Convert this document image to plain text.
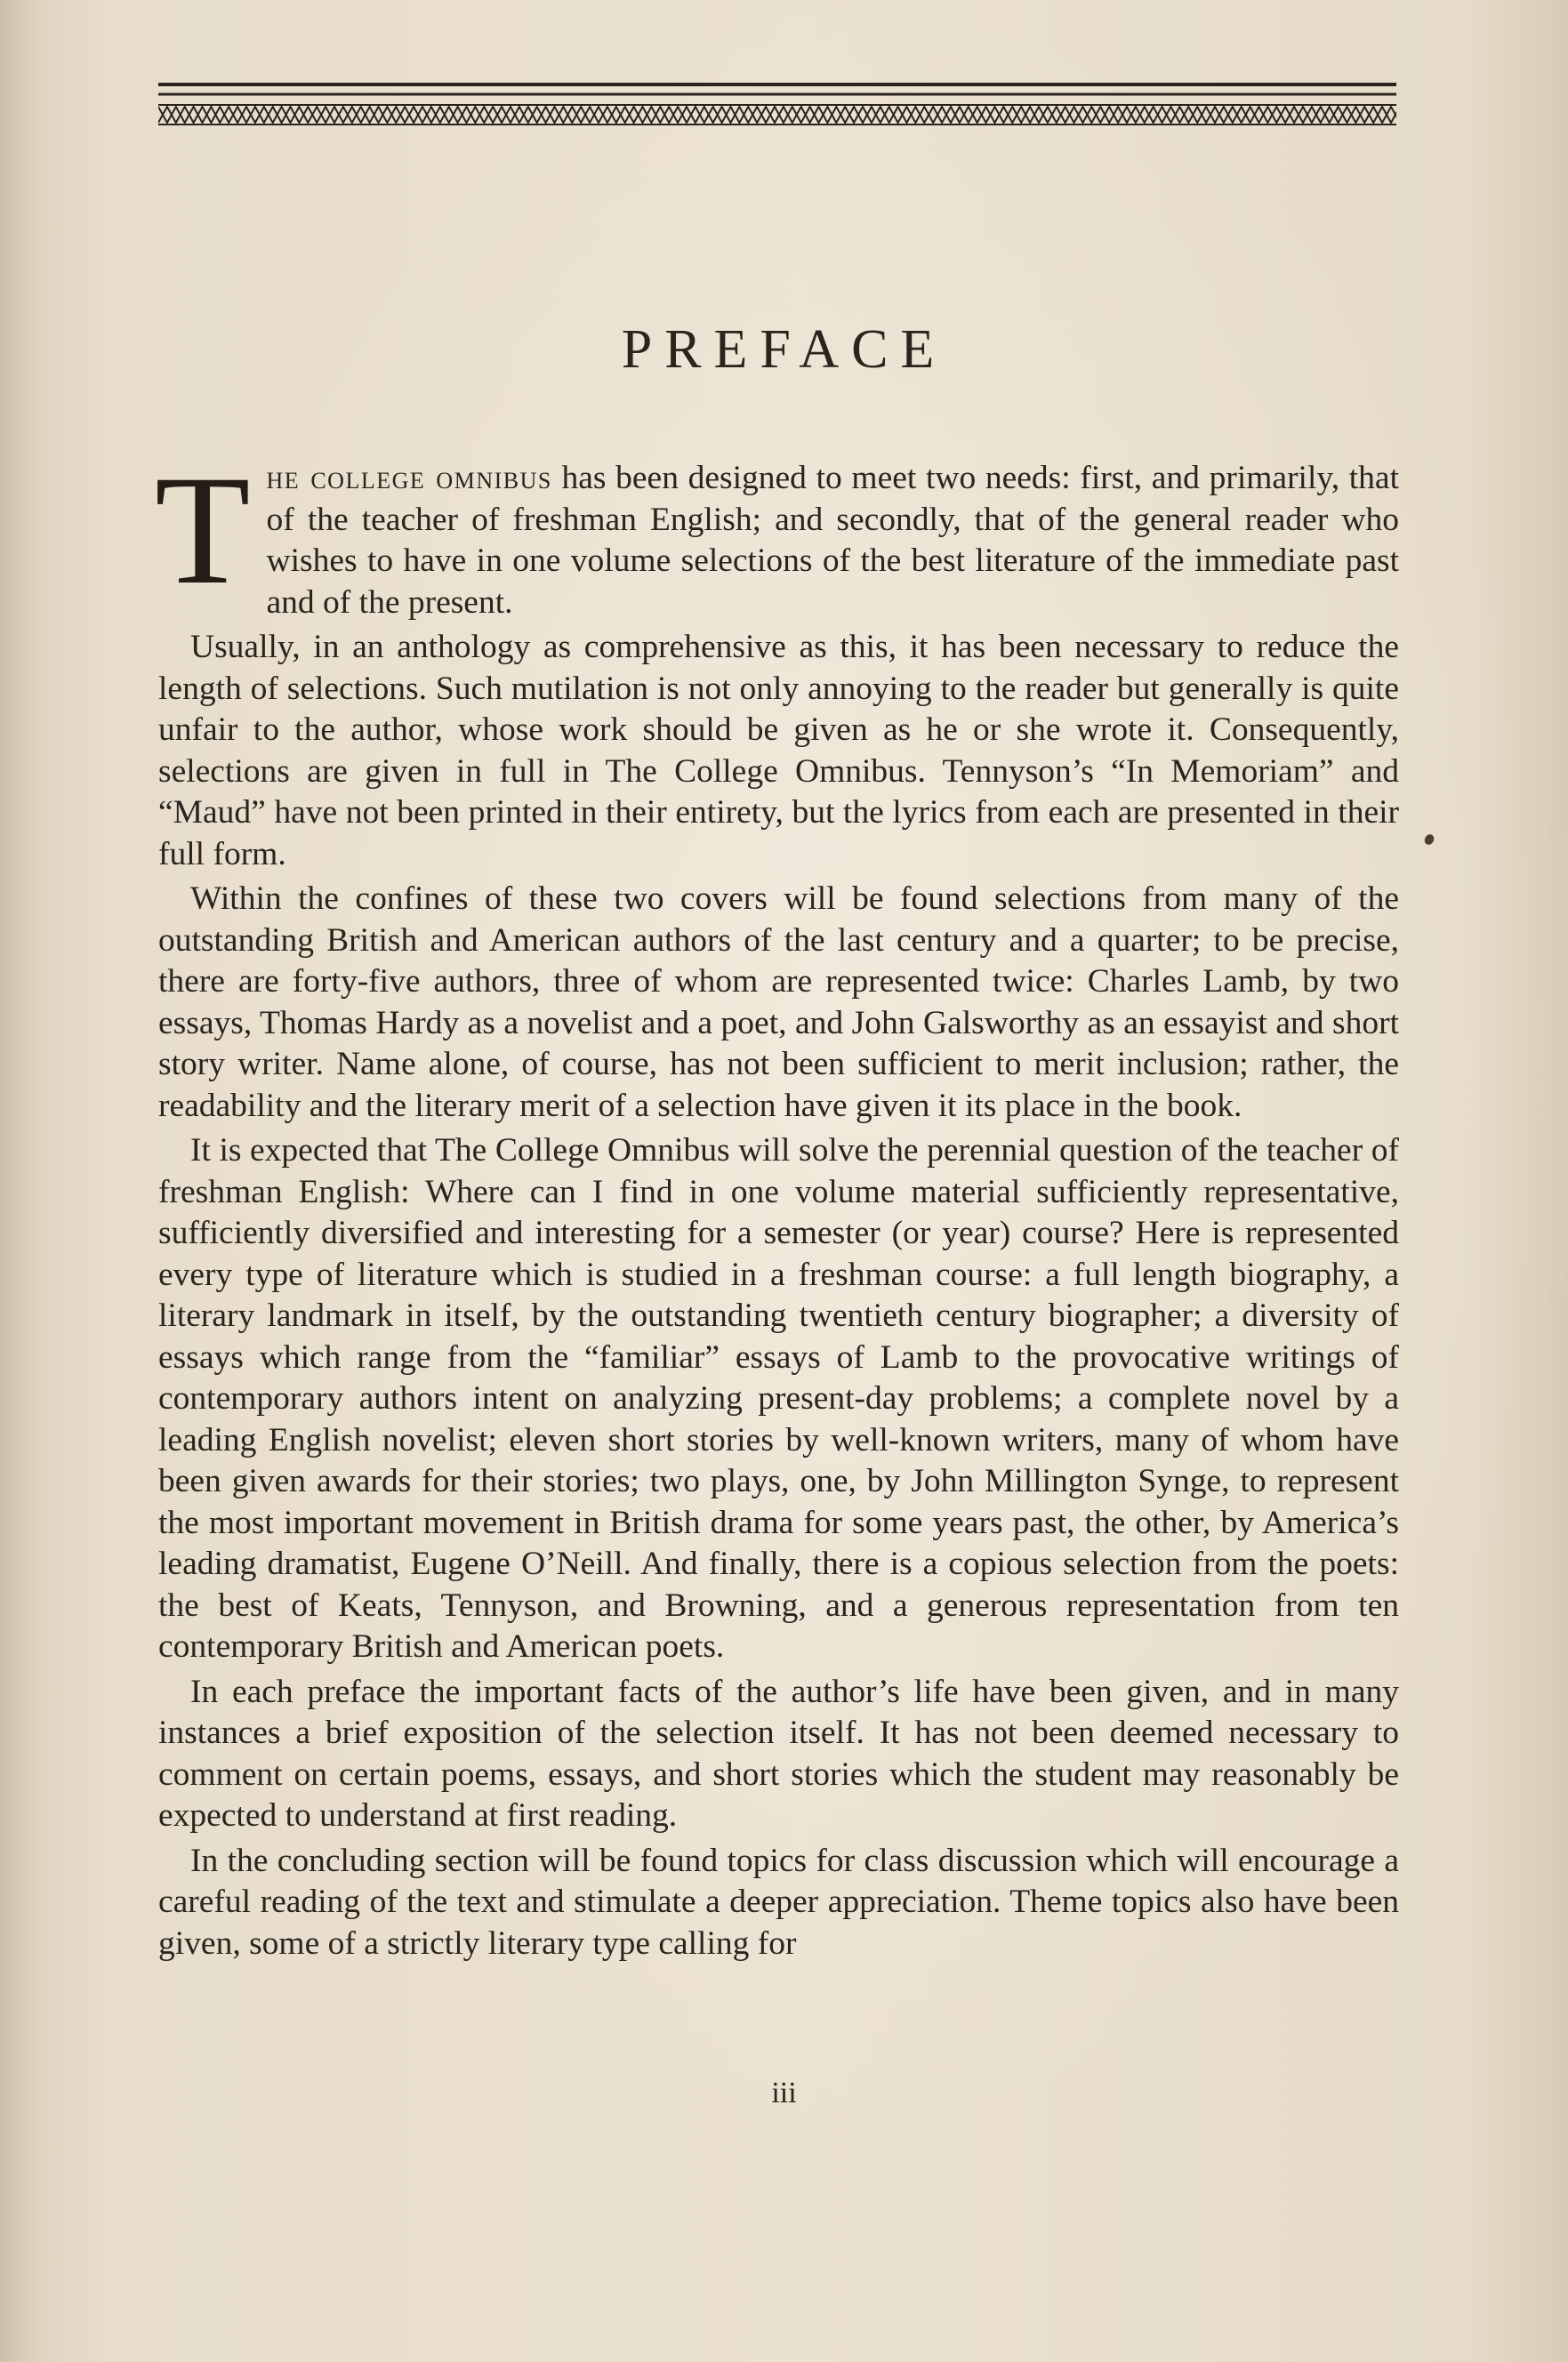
PREFACE

The college omnibus has been designed to meet two needs: first, and primarily, that of the teacher of freshman English; and secondly, that of the general reader who wishes to have in one volume selections of the best literature of the immediate past and of the present.

Usually, in an anthology as comprehensive as this, it has been necessary to reduce the length of selections. Such mutilation is not only annoying to the reader but generally is quite unfair to the author, whose work should be given as he or she wrote it. Consequently, selections are given in full in The College Omnibus. Tennyson’s “In Memoriam” and “Maud” have not been printed in their entirety, but the lyrics from each are presented in their full form.

Within the confines of these two covers will be found selections from many of the outstanding British and American authors of the last century and a quarter; to be precise, there are forty-five authors, three of whom are represented twice: Charles Lamb, by two essays, Thomas Hardy as a novelist and a poet, and John Galsworthy as an essayist and short story writer. Name alone, of course, has not been sufficient to merit inclusion; rather, the readability and the literary merit of a selection have given it its place in the book.

It is expected that The College Omnibus will solve the perennial question of the teacher of freshman English: Where can I find in one volume material sufficiently representative, sufficiently diversified and interesting for a semester (or year) course? Here is represented every type of literature which is studied in a freshman course: a full length biography, a literary landmark in itself, by the outstanding twentieth century biographer; a diversity of essays which range from the “familiar” essays of Lamb to the provocative writings of contemporary authors intent on analyzing present-day problems; a complete novel by a leading English novelist; eleven short stories by well-known writers, many of whom have been given awards for their stories; two plays, one, by John Millington Synge, to represent the most important movement in British drama for some years past, the other, by America’s leading dramatist, Eugene O’Neill. And finally, there is a copious selection from the poets: the best of Keats, Tennyson, and Browning, and a generous representation from ten contemporary British and American poets.

In each preface the important facts of the author’s life have been given, and in many instances a brief exposition of the selection itself. It has not been deemed necessary to comment on certain poems, essays, and short stories which the student may reasonably be expected to understand at first reading.

In the concluding section will be found topics for class discussion which will encourage a careful reading of the text and stimulate a deeper appreciation. Theme topics also have been given, some of a strictly literary type calling for

iii
